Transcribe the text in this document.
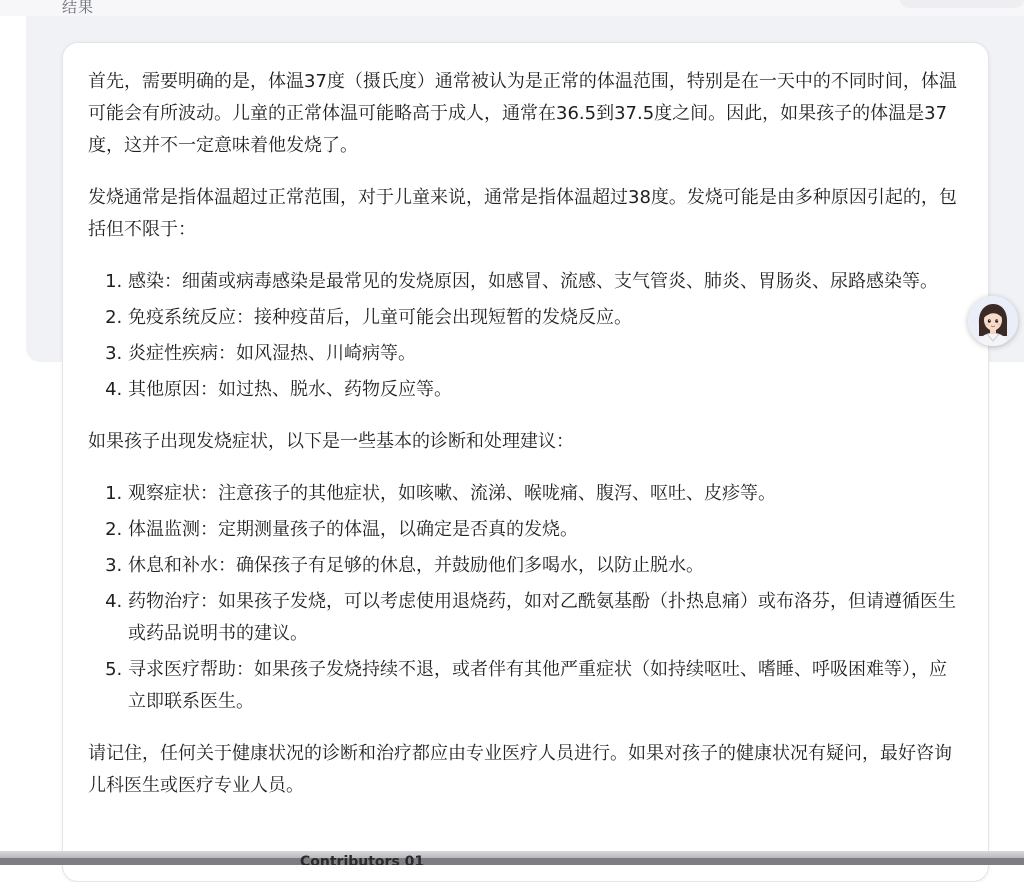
结果

首先，需要明确的是，体温37度（摄氏度）通常被认为是正常的体温范围，特别是在一天中的不同时间，体温可能会有所波动。儿童的正常体温可能略高于成人，通常在36.5到37.5度之间。因此，如果孩子的体温是37度，这并不一定意味着他发烧了。

发烧通常是指体温超过正常范围，对于儿童来说，通常是指体温超过38度。发烧可能是由多种原因引起的，包括但不限于：

1. 感染：细菌或病毒感染是最常见的发烧原因，如感冒、流感、支气管炎、肺炎、胃肠炎、尿路感染等。
2. 免疫系统反应：接种疫苗后，儿童可能会出现短暂的发烧反应。
3. 炎症性疾病：如风湿热、川崎病等。
4. 其他原因：如过热、脱水、药物反应等。

如果孩子出现发烧症状，以下是一些基本的诊断和处理建议：

1. 观察症状：注意孩子的其他症状，如咳嗽、流涕、喉咙痛、腹泻、呕吐、皮疹等。
2. 体温监测：定期测量孩子的体温，以确定是否真的发烧。
3. 休息和补水：确保孩子有足够的休息，并鼓励他们多喝水，以防止脱水。
4. 药物治疗：如果孩子发烧，可以考虑使用退烧药，如对乙酰氨基酚（扑热息痛）或布洛芬，但请遵循医生或药品说明书的建议。
5. 寻求医疗帮助：如果孩子发烧持续不退，或者伴有其他严重症状（如持续呕吐、嗜睡、呼吸困难等），应立即联系医生。

请记住，任何关于健康状况的诊断和治疗都应由专业医疗人员进行。如果对孩子的健康状况有疑问，最好咨询儿科医生或医疗专业人员。

Contributors 01
